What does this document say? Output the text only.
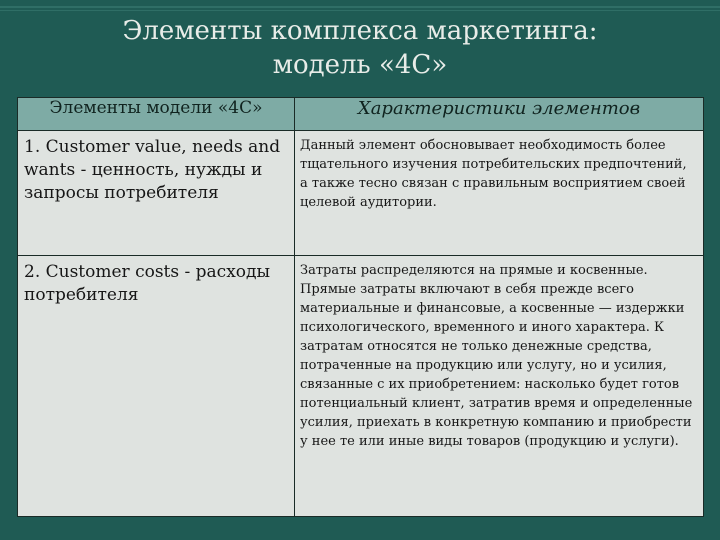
Элементы комплекса маркетинга:
модель «4С»
Элементы модели «4С»	Характеристики элементов

1. Customer value, needs and wants - ценность, нужды и запросы потребителя	Данный элемент обосновывает необходимость более тщательного изучения потребительских предпочтений, а также тесно связан с правильным восприятием своей целевой аудитории.

2. Customer costs - расходы потребителя	Затраты распределяются на прямые и косвенные. Прямые затраты включают в себя прежде всего материальные и финансовые, а косвенные — издержки психологического, временного и иного характера. К затратам относятся не только денежные средства, потраченные на продукцию или услугу, но и усилия, связанные с их приобретением: насколько будет готов потенциальный клиент, затратив время и определенные усилия, приехать в конкретную компанию и приобрести у нее те или иные виды товаров (продукцию и услуги).
